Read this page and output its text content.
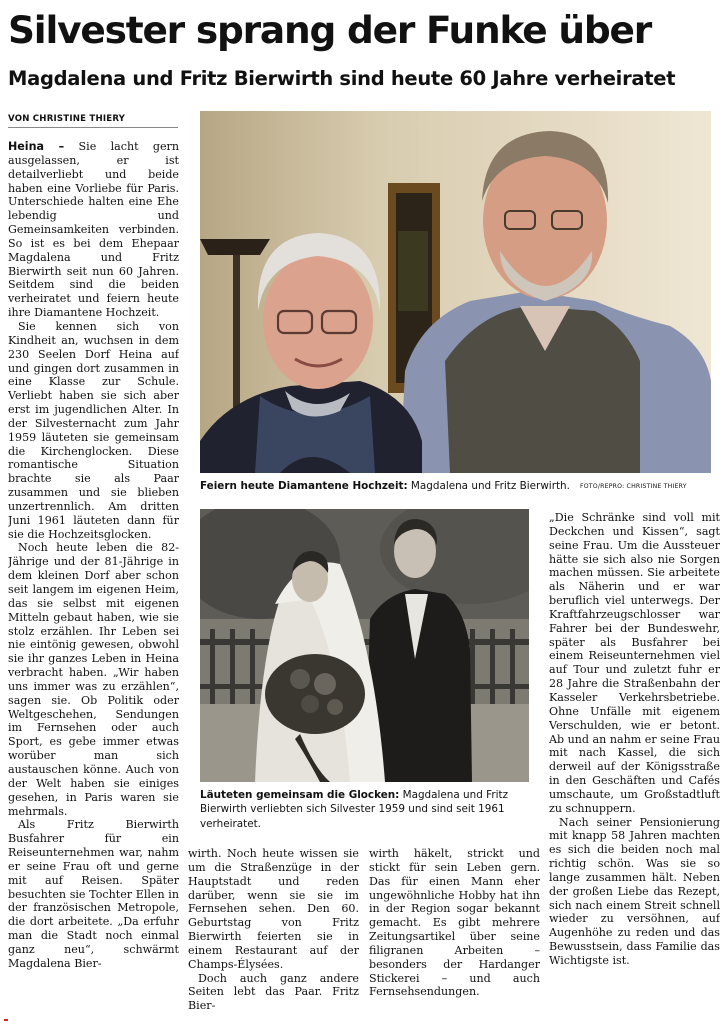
Silvester sprang der Funke über
Magdalena und Fritz Bierwirth sind heute 60 Jahre verheiratet
VON CHRISTINE THIERY

Heina – Sie lacht gern ausgelassen, er ist detailverliebt und beide haben eine Vorliebe für Paris. Unterschiede halten eine Ehe lebendig und Gemeinsamkeiten verbinden. So ist es bei dem Ehepaar Magdalena und Fritz Bierwirth seit nun 60 Jahren. Seitdem sind die beiden verheiratet und feiern heute ihre Diamantene Hochzeit.

Sie kennen sich von Kindheit an, wuchsen in dem 230 Seelen Dorf Heina auf und gingen dort zusammen in eine Klasse zur Schule. Verliebt haben sie sich aber erst im jugendlichen Alter. In der Silvesternacht zum Jahr 1959 läuteten sie gemeinsam die Kirchenglocken. Diese romantische Situation brachte sie als Paar zusammen und sie blieben unzertrennlich. Am dritten Juni 1961 läuteten dann für sie die Hochzeitsglocken.

Noch heute leben die 82-Jährige und der 81-Jährige in dem kleinen Dorf aber schon seit langem im eigenen Heim, das sie selbst mit eigenen Mitteln gebaut haben, wie sie stolz erzählen. Ihr Leben sei nie eintönig gewesen, obwohl sie ihr ganzes Leben in Heina verbracht haben. „Wir haben uns immer was zu erzählen“, sagen sie. Ob Politik oder Weltgeschehen, Sendungen im Fernsehen oder auch Sport, es gebe immer etwas worüber man sich austauschen könne. Auch von der Welt haben sie einiges gesehen, in Paris waren sie mehrmals.

Als Fritz Bierwirth Busfahrer für ein Reiseunternehmen war, nahm er seine Frau oft und gerne mit auf Reisen. Später besuchten sie Tochter Ellen in der französischen Metropole, die dort arbeitete. „Da erfuhr man die Stadt noch einmal ganz neu“, schwärmt Magdalena Bier-

Feiern heute Diamantene Hochzeit: Magdalena und Fritz Bierwirth. FOTO/REPRO: CHRISTINE THIERY
Läuteten gemeinsam die Glocken: Magdalena und Fritz Bierwirth verliebten sich Silvester 1959 und sind seit 1961 verheiratet.

wirth. Noch heute wissen sie um die Straßenzüge in der Hauptstadt und reden darüber, wenn sie sie im Fernsehen sehen. Den 60. Geburtstag von Fritz Bierwirth feierten sie in einem Restaurant auf der Champs-Élysées.

Doch auch ganz andere Seiten lebt das Paar. Fritz Bier-

wirth häkelt, strickt und stickt für sein Leben gern. Das für einen Mann eher ungewöhnliche Hobby hat ihn in der Region sogar bekannt gemacht. Es gibt mehrere Zeitungsartikel über seine filigranen Arbeiten – besonders der Hardanger Stickerei – und auch Fernsehsendungen.

„Die Schränke sind voll mit Deckchen und Kissen“, sagt seine Frau. Um die Aussteuer hätte sie sich also nie Sorgen machen müssen. Sie arbeitete als Näherin und er war beruflich viel unterwegs. Der Kraftfahrzeugschlosser war Fahrer bei der Bundeswehr, später als Busfahrer bei einem Reiseunternehmen viel auf Tour und zuletzt fuhr er 28 Jahre die Straßenbahn der Kasseler Verkehrsbetriebe. Ohne Unfälle mit eigenem Verschulden, wie er betont. Ab und an nahm er seine Frau mit nach Kassel, die sich derweil auf der Königsstraße in den Geschäften und Cafés umschaute, um Großstadtluft zu schnuppern.

Nach seiner Pensionierung mit knapp 58 Jahren machten es sich die beiden noch mal richtig schön. Was sie so lange zusammen hält. Neben der großen Liebe das Rezept, sich nach einem Streit schnell wieder zu versöhnen, auf Augenhöhe zu reden und das Bewusstsein, dass Familie das Wichtigste ist.
